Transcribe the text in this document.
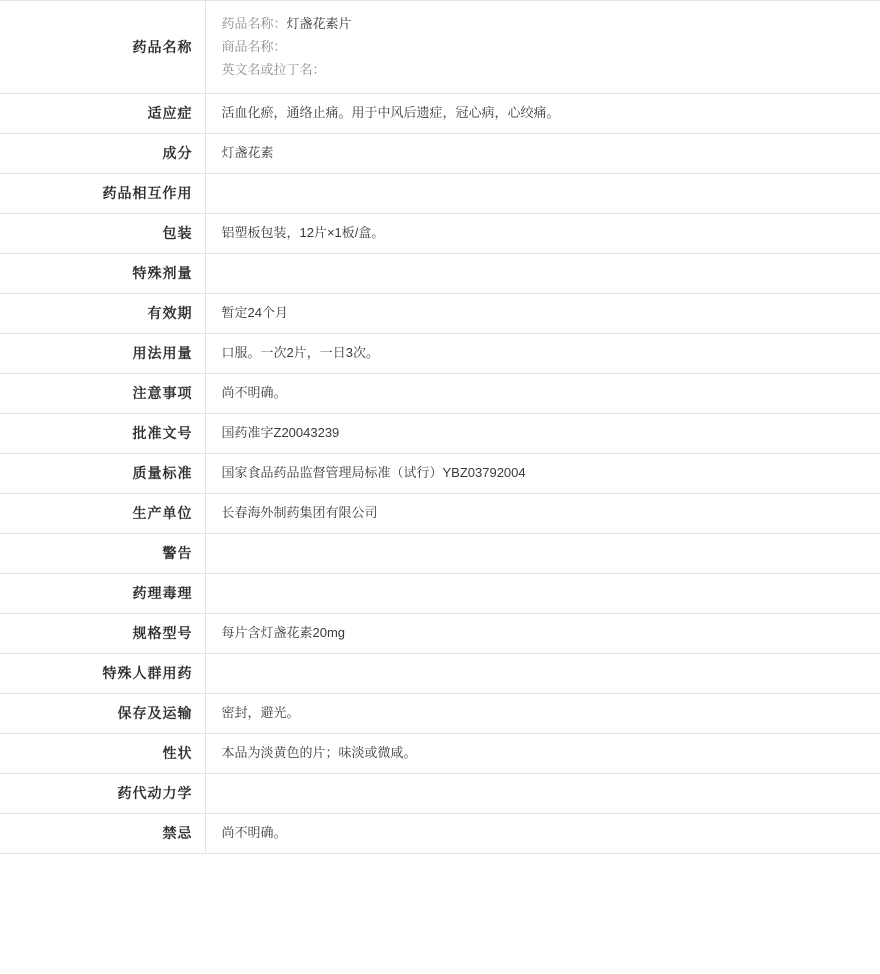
药品名称	药品名称：灯盏花素片
商品名称：
英文名或拉丁名：

适应症	活血化瘀，通络止痛。用于中风后遗症，冠心病，心绞痛。
成分	灯盏花素
药品相互作用	
包装	铝塑板包装，12片×1板/盒。
特殊剂量	
有效期	暂定24个月
用法用量	口服。一次2片，一日3次。
注意事项	尚不明确。
批准文号	国药准字Z20043239
质量标准	国家食品药品监督管理局标准（试行）YBZ03792004
生产单位	长春海外制药集团有限公司
警告	
药理毒理	
规格型号	每片含灯盏花素20mg
特殊人群用药	
保存及运输	密封，避光。
性状	本品为淡黄色的片；味淡或微咸。
药代动力学	
禁忌	尚不明确。
